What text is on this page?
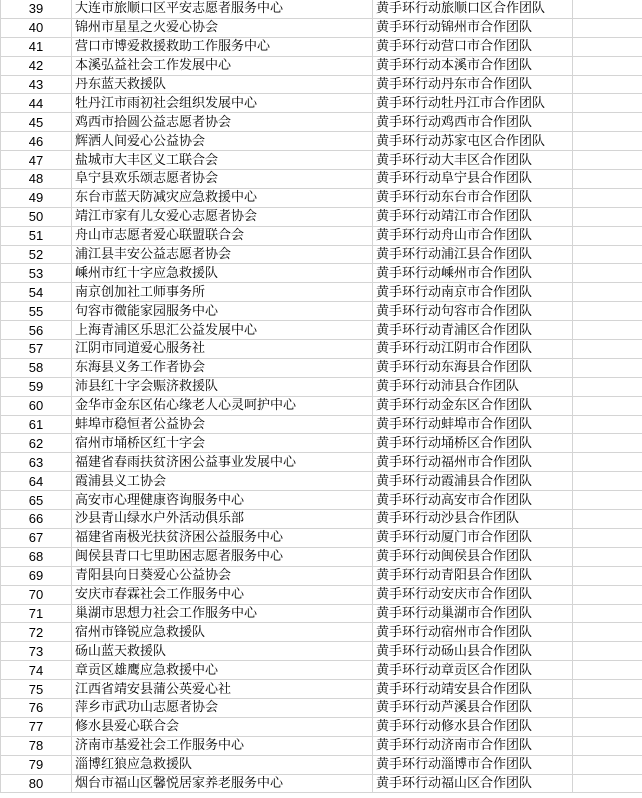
39	大连市旅顺口区平安志愿者服务中心	黄手环行动旅顺口区合作团队	
40	锦州市星星之火爱心协会	黄手环行动锦州市合作团队	
41	营口市博爱救援救助工作服务中心	黄手环行动营口市合作团队	
42	本溪弘益社会工作发展中心	黄手环行动本溪市合作团队	
43	丹东蓝天救援队	黄手环行动丹东市合作团队	
44	牡丹江市雨初社会组织发展中心	黄手环行动牡丹江市合作团队	
45	鸡西市拾圆公益志愿者协会	黄手环行动鸡西市合作团队	
46	辉洒人间爱心公益协会	黄手环行动苏家屯区合作团队	
47	盐城市大丰区义工联合会	黄手环行动大丰区合作团队	
48	阜宁县欢乐颂志愿者协会	黄手环行动阜宁县合作团队	
49	东台市蓝天防减灾应急救援中心	黄手环行动东台市合作团队	
50	靖江市家有儿女爱心志愿者协会	黄手环行动靖江市合作团队	
51	舟山市志愿者爱心联盟联合会	黄手环行动舟山市合作团队	
52	浦江县丰安公益志愿者协会	黄手环行动浦江县合作团队	
53	嵊州市红十字应急救援队	黄手环行动嵊州市合作团队	
54	南京创加社工师事务所	黄手环行动南京市合作团队	
55	句容市微能家园服务中心	黄手环行动句容市合作团队	
56	上海青浦区乐思汇公益发展中心	黄手环行动青浦区合作团队	
57	江阴市同道爱心服务社	黄手环行动江阴市合作团队	
58	东海县义务工作者协会	黄手环行动东海县合作团队	
59	沛县红十字会赈济救援队	黄手环行动沛县合作团队	
60	金华市金东区佑心缘老人心灵呵护中心	黄手环行动金东区合作团队	
61	蚌埠市稳恒者公益协会	黄手环行动蚌埠市合作团队	
62	宿州市埇桥区红十字会	黄手环行动埇桥区合作团队	
63	福建省春雨扶贫济困公益事业发展中心	黄手环行动福州市合作团队	
64	霞浦县义工协会	黄手环行动霞浦县合作团队	
65	高安市心理健康咨询服务中心	黄手环行动高安市合作团队	
66	沙县青山绿水户外活动俱乐部	黄手环行动沙县合作团队	
67	福建省南极光扶贫济困公益服务中心	黄手环行动厦门市合作团队	
68	闽侯县青口七里助困志愿者服务中心	黄手环行动闽侯县合作团队	
69	青阳县向日葵爱心公益协会	黄手环行动青阳县合作团队	
70	安庆市春霖社会工作服务中心	黄手环行动安庆市合作团队	
71	巢湖市思想力社会工作服务中心	黄手环行动巢湖市合作团队	
72	宿州市锋锐应急救援队	黄手环行动宿州市合作团队	
73	砀山蓝天救援队	黄手环行动砀山县合作团队	
74	章贡区雄鹰应急救援中心	黄手环行动章贡区合作团队	
75	江西省靖安县蒲公英爱心社	黄手环行动靖安县合作团队	
76	萍乡市武功山志愿者协会	黄手环行动芦溪县合作团队	
77	修水县爱心联合会	黄手环行动修水县合作团队	
78	济南市基爱社会工作服务中心	黄手环行动济南市合作团队	
79	淄博红狼应急救援队	黄手环行动淄博市合作团队	
80	烟台市福山区馨悦居家养老服务中心	黄手环行动福山区合作团队	
